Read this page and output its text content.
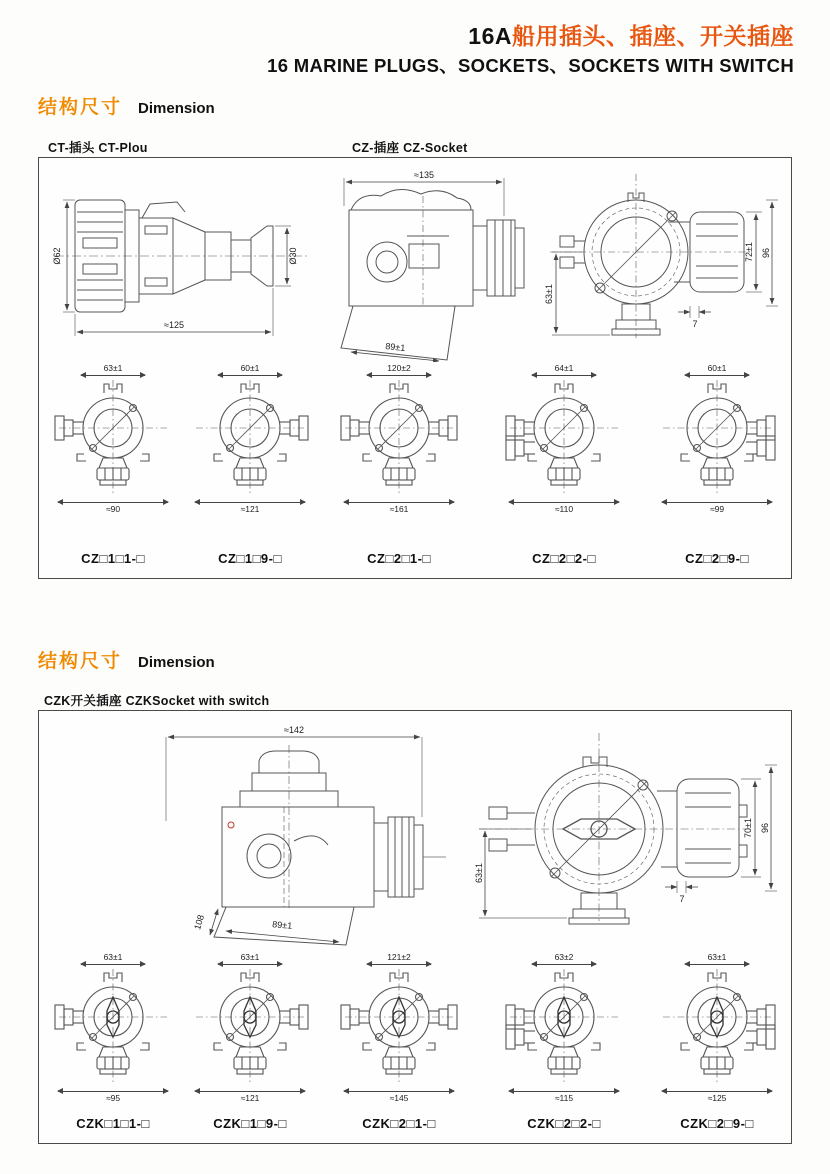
16A船用插头、插座、开关插座
16 MARINE PLUGS、SOCKETS、SOCKETS WITH SWITCH
结构尺寸 Dimension
CT-插头 CT-Plou	CZ-插座 CZ-Socket
Ø62
≈125
Ø30
≈135
89±1
63±1
72±1 96
7
63±1
≈90
60±1
≈121
120±2
≈161
64±1
≈110
60±1
≈99
CZ□1□1-□	CZ□1□9-□	CZ□2□1-□	CZ□2□2-□	CZ□2□9-□
结构尺寸 Dimension
CZK开关插座 CZKSocket with switch
≈142
108	89±1
63±1
70±1 96
7
63±1
≈95
63±1
≈121
121±2
≈145
63±2
≈115
63±1
≈125
CZK□1□1-□	CZK□1□9-□	CZK□2□1-□	CZK□2□2-□	CZK□2□9-□
